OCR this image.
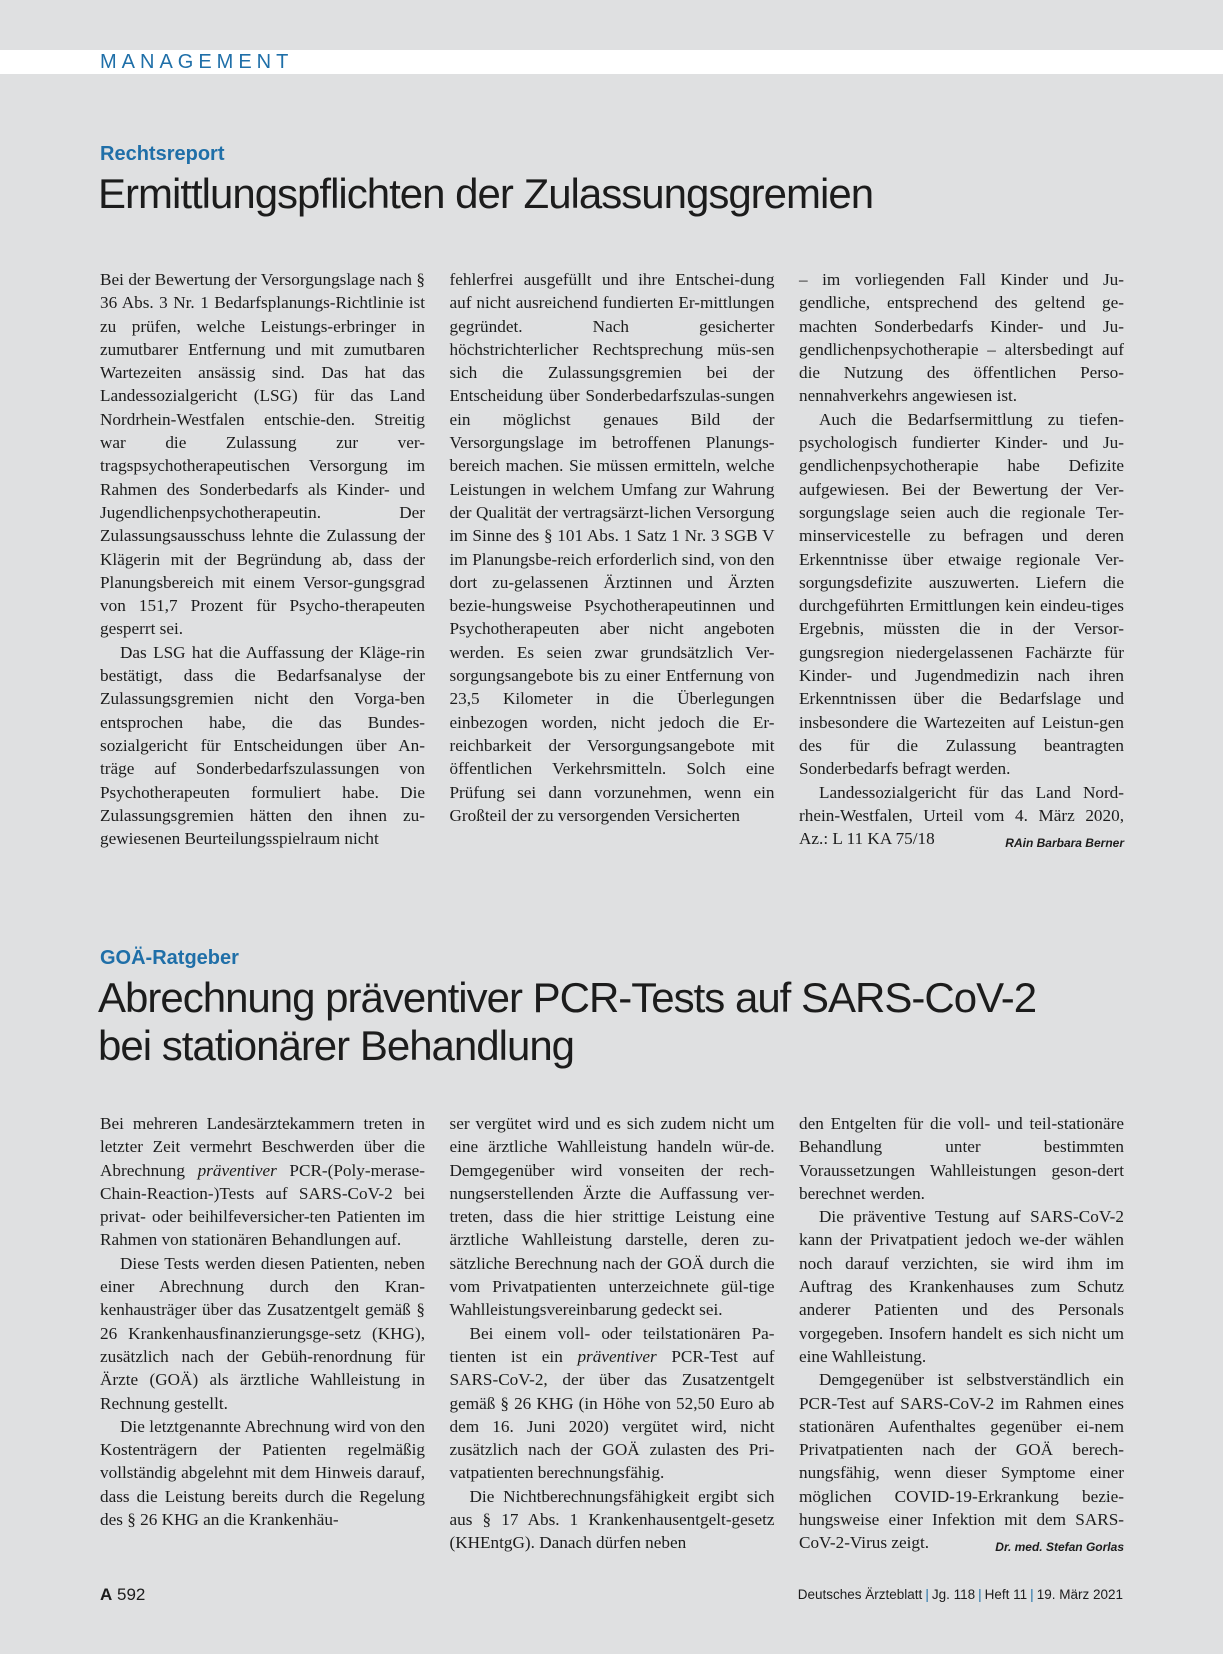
MANAGEMENT
Rechtsreport
Ermittlungspflichten der Zulassungsgremien

Bei der Bewertung der Versorgungslage nach § 36 Abs. 3 Nr. 1 Bedarfsplanungs-Richtlinie ist zu prüfen, welche Leistungs-erbringer in zumutbarer Entfernung und mit zumutbaren Wartezeiten ansässig sind. Das hat das Landessozialgericht (LSG) für das Land Nordrhein-Westfalen entschie-den. Streitig war die Zulassung zur ver-tragspsychotherapeutischen Versorgung im Rahmen des Sonderbedarfs als Kinder- und Jugendlichenpsychotherapeutin. Der Zulassungsausschuss lehnte die Zulassung der Klägerin mit der Begründung ab, dass der Planungsbereich mit einem Versor-gungsgrad von 151,7 Prozent für Psycho-therapeuten gesperrt sei.

Das LSG hat die Auffassung der Kläge-rin bestätigt, dass die Bedarfsanalyse der Zulassungsgremien nicht den Vorga-ben entsprochen habe, die das Bundes-sozialgericht für Entscheidungen über An-träge auf Sonderbedarfszulassungen von Psychotherapeuten formuliert habe. Die Zulassungsgremien hätten den ihnen zu-gewiesenen Beurteilungsspielraum nicht

fehlerfrei ausgefüllt und ihre Entschei-dung auf nicht ausreichend fundierten Er-mittlungen gegründet. Nach gesicherter höchstrichterlicher Rechtsprechung müs-sen sich die Zulassungsgremien bei der Entscheidung über Sonderbedarfszulas-sungen ein möglichst genaues Bild der Versorgungslage im betroffenen Planungs-bereich machen. Sie müssen ermitteln, welche Leistungen in welchem Umfang zur Wahrung der Qualität der vertragsärzt-lichen Versorgung im Sinne des § 101 Abs. 1 Satz 1 Nr. 3 SGB V im Planungsbe-reich erforderlich sind, von den dort zu-gelassenen Ärztinnen und Ärzten bezie-hungsweise Psychotherapeutinnen und Psychotherapeuten aber nicht angeboten werden. Es seien zwar grundsätzlich Ver-sorgungsangebote bis zu einer Entfernung von 23,5 Kilometer in die Überlegungen einbezogen worden, nicht jedoch die Er-reichbarkeit der Versorgungsangebote mit öffentlichen Verkehrsmitteln. Solch eine Prüfung sei dann vorzunehmen, wenn ein Großteil der zu versorgenden Versicherten

– im vorliegenden Fall Kinder und Ju-gendliche, entsprechend des geltend ge-machten Sonderbedarfs Kinder- und Ju-gendlichenpsychotherapie – altersbedingt auf die Nutzung des öffentlichen Perso-nennahverkehrs angewiesen ist.

Auch die Bedarfsermittlung zu tiefen-psychologisch fundierter Kinder- und Ju-gendlichenpsychotherapie habe Defizite aufgewiesen. Bei der Bewertung der Ver-sorgungslage seien auch die regionale Ter-minservicestelle zu befragen und deren Erkenntnisse über etwaige regionale Ver-sorgungsdefizite auszuwerten. Liefern die durchgeführten Ermittlungen kein eindeu-tiges Ergebnis, müssten die in der Versor-gungsregion niedergelassenen Fachärzte für Kinder- und Jugendmedizin nach ihren Erkenntnissen über die Bedarfslage und insbesondere die Wartezeiten auf Leistun-gen des für die Zulassung beantragten Sonderbedarfs befragt werden.

Landessozialgericht für das Land Nord-rhein-Westfalen, Urteil vom 4. März 2020, Az.: L 11 KA 75/18	RAin Barbara Berner

GOÄ-Ratgeber
Abrechnung präventiver PCR-Tests auf SARS-CoV-2
bei stationärer Behandlung

Bei mehreren Landesärztekammern treten in letzter Zeit vermehrt Beschwerden über die Abrechnung präventiver PCR-(Poly-merase-Chain-Reaction-)Tests auf SARS-CoV-2 bei privat- oder beihilfeversicher-ten Patienten im Rahmen von stationären Behandlungen auf.

Diese Tests werden diesen Patienten, neben einer Abrechnung durch den Kran-kenhausträger über das Zusatzentgelt gemäß § 26 Krankenhausfinanzierungsge-setz (KHG), zusätzlich nach der Gebüh-renordnung für Ärzte (GOÄ) als ärztliche Wahlleistung in Rechnung gestellt.

Die letztgenannte Abrechnung wird von den Kostenträgern der Patienten regelmäßig vollständig abgelehnt mit dem Hinweis darauf, dass die Leistung bereits durch die Regelung des § 26 KHG an die Krankenhäu-

ser vergütet wird und es sich zudem nicht um eine ärztliche Wahlleistung handeln wür-de. Demgegenüber wird vonseiten der rech-nungserstellenden Ärzte die Auffassung ver-treten, dass die hier strittige Leistung eine ärztliche Wahlleistung darstelle, deren zu-sätzliche Berechnung nach der GOÄ durch die vom Privatpatienten unterzeichnete gül-tige Wahlleistungsvereinbarung gedeckt sei.

Bei einem voll- oder teilstationären Pa-tienten ist ein präventiver PCR-Test auf SARS-CoV-2, der über das Zusatzentgelt gemäß § 26 KHG (in Höhe von 52,50 Euro ab dem 16. Juni 2020) vergütet wird, nicht zusätzlich nach der GOÄ zulasten des Pri-vatpatienten berechnungsfähig.

Die Nichtberechnungsfähigkeit ergibt sich aus § 17 Abs. 1 Krankenhausentgelt-gesetz (KHEntgG). Danach dürfen neben

den Entgelten für die voll- und teil-stationäre Behandlung unter bestimmten Voraussetzungen Wahlleistungen geson-dert berechnet werden.

Die präventive Testung auf SARS-CoV-2 kann der Privatpatient jedoch we-der wählen noch darauf verzichten, sie wird ihm im Auftrag des Krankenhauses zum Schutz anderer Patienten und des Personals vorgegeben. Insofern handelt es sich nicht um eine Wahlleistung.

Demgegenüber ist selbstverständlich ein PCR-Test auf SARS-CoV-2 im Rahmen eines stationären Aufenthaltes gegenüber ei-nem Privatpatienten nach der GOÄ berech-nungsfähig, wenn dieser Symptome einer möglichen COVID-19-Erkrankung bezie-hungsweise einer Infektion mit dem SARS-CoV-2-Virus zeigt.	Dr. med. Stefan Gorlas

A 592	Deutsches Ärzteblatt | Jg. 118 | Heft 11 | 19. März 2021
